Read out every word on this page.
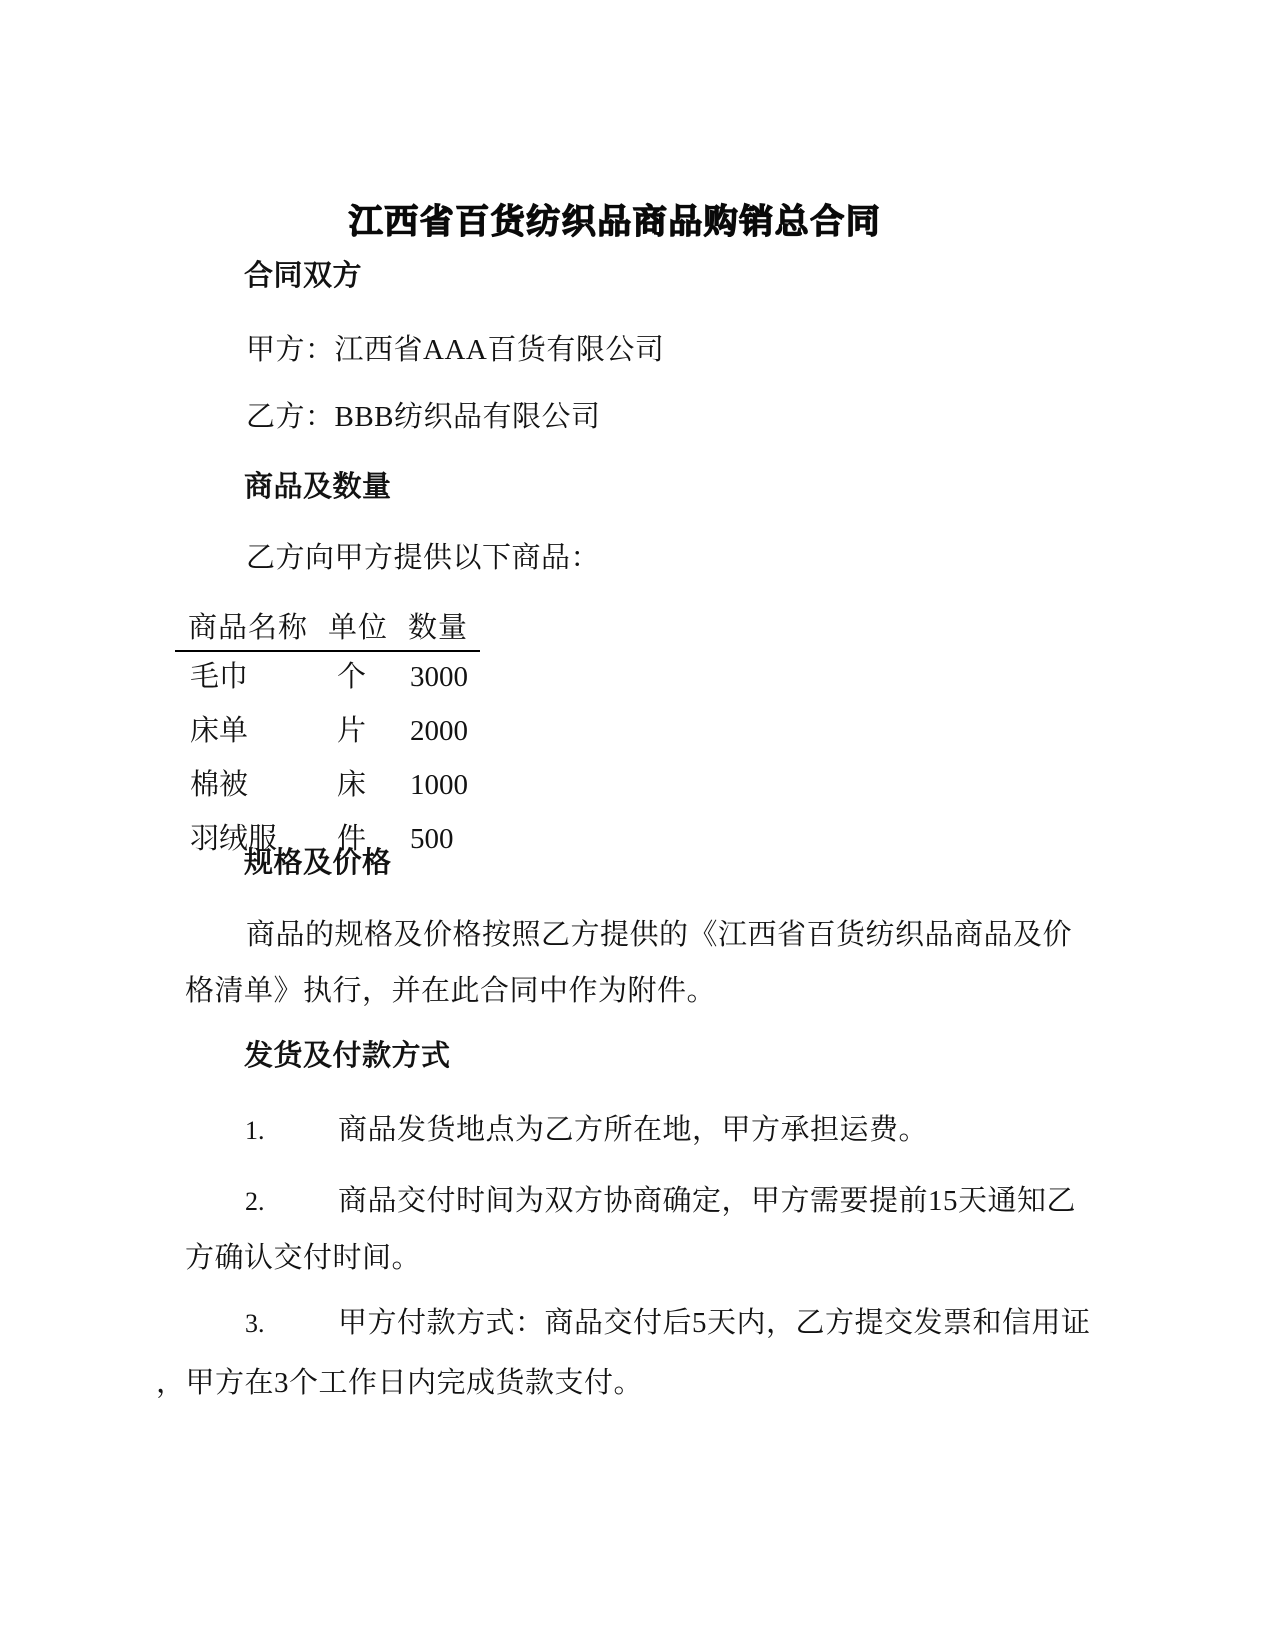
江西省百货纺织品商品购销总合同
合同双方
甲方：江西省AAA百货有限公司
乙方：BBB纺织品有限公司
商品及数量
乙方向甲方提供以下商品：
商品名称	单位	数量
毛巾	个	3000
床单	片	2000
棉被	床	1000
羽绒服	件	500
规格及价格
商品的规格及价格按照乙方提供的《江西省百货纺织品商品及价
格清单》执行，并在此合同中作为附件。
发货及付款方式
1.	商品发货地点为乙方所在地，甲方承担运费。
2.	商品交付时间为双方协商确定，甲方需要提前15天通知乙
方确认交付时间。
3.	甲方付款方式：商品交付后5天内，乙方提交发票和信用证
，甲方在3个工作日内完成货款支付。
